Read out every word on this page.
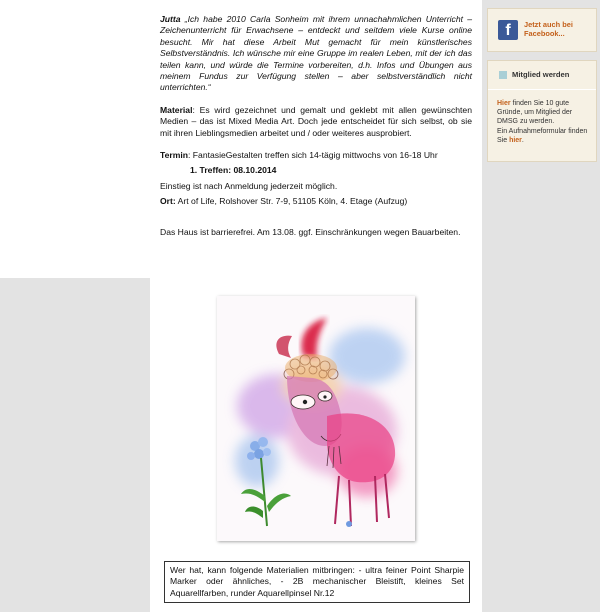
Jutta „Ich habe 2010 Carla Sonheim mit ihrem unnachahmlichen Unterricht – Zeichenunterricht für Erwachsene – entdeckt und seitdem viele Kurse online besucht. Mir hat diese Arbeit Mut gemacht für mein künstlerisches Selbstverständnis. Ich wünsche mir eine Gruppe im realen Leben, mit der ich das teilen kann, und würde die Termine vorbereiten, d.h. Infos und Übungen aus meinem Fundus zur Verfügung stellen – aber selbstverständlich nicht unterrichten.“

Material: Es wird gezeichnet und gemalt und geklebt mit allen gewünschten Medien – das ist Mixed Media Art. Doch jede entscheidet für sich selbst, ob sie mit ihren Lieblingsmedien arbeitet und / oder weiteres ausprobiert.

Termin: FantasieGestalten treffen sich 14-tägig mittwochs von 16-18 Uhr

1. Treffen: 08.10.2014

Einstieg ist nach Anmeldung jederzeit möglich.

Ort: Art of Life, Rolshover Str. 7-9, 51105 Köln, 4. Etage (Aufzug)

Das Haus ist barrierefrei. Am 13.08. ggf. Einschränkungen wegen Bauarbeiten.

Wer hat, kann folgende Materialien mitbringen: - ultra feiner Point Sharpie Marker oder ähnliches, - 2B mechanischer Bleistift, kleines Set Aquarellfarben, runder Aquarellpinsel Nr.12
f	Jetzt auch bei
Facebook...
Mitglied werden
Hier finden Sie 10 gute Gründe, um Mitglied der DMSG zu werden.
Ein Aufnahmeformular finden Sie hier.
